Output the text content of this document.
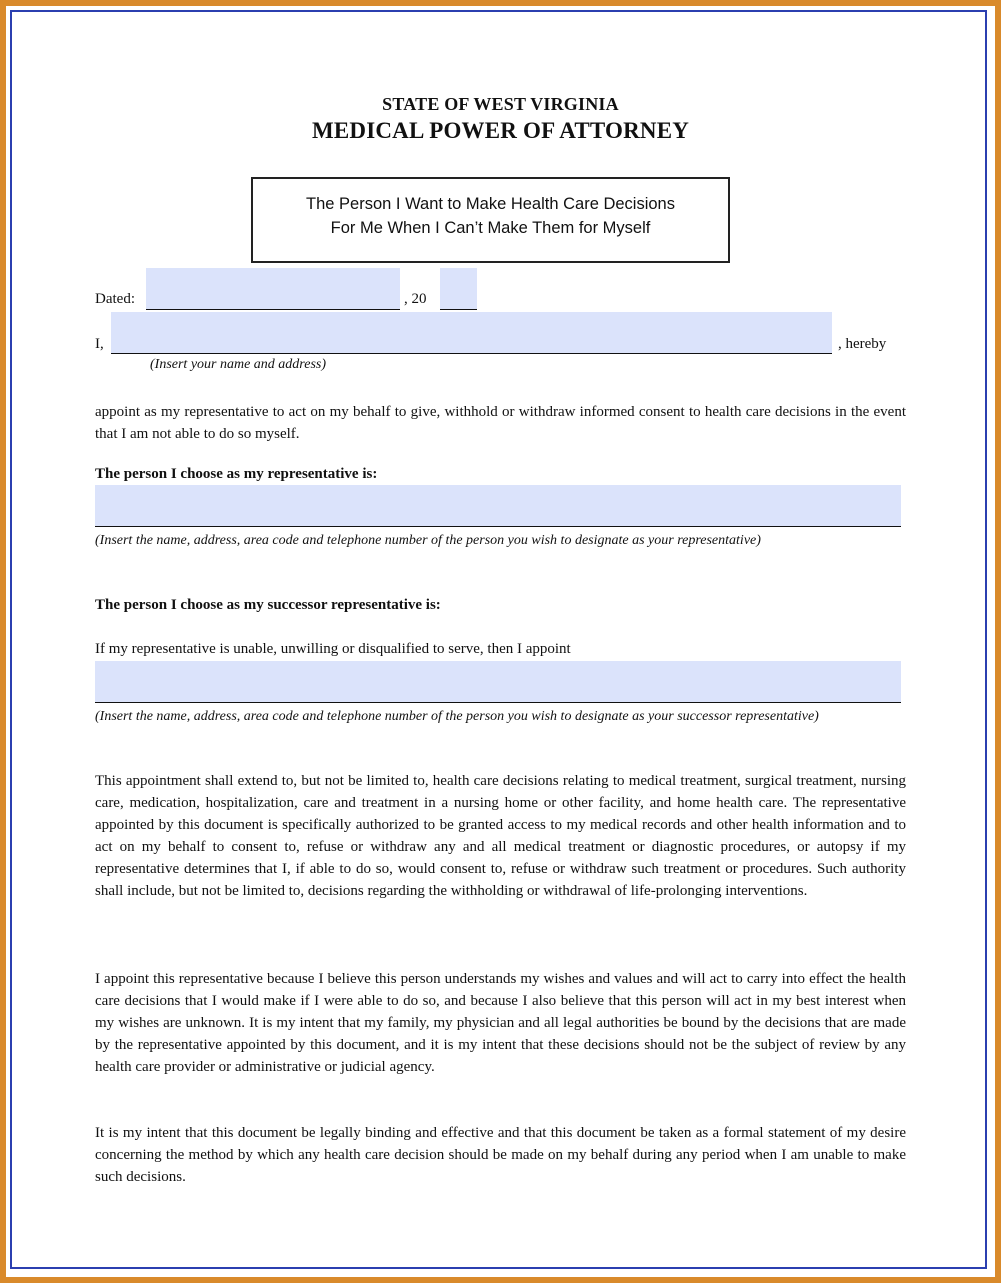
STATE OF WEST VIRGINIA
MEDICAL POWER OF ATTORNEY
The Person I Want to Make Health Care Decisions
For Me When I Can’t Make Them for Myself
Dated:	, 20
I,	, hereby
(Insert your name and address)
appoint as my representative to act on my behalf to give, withhold or withdraw informed consent to health care decisions in the event that I am not able to do so myself.
The person I choose as my representative is:
(Insert the name, address, area code and telephone number of the person you wish to designate as your representative)
The person I choose as my successor representative is:
If my representative is unable, unwilling or disqualified to serve, then I appoint
(Insert the name, address, area code and telephone number of the person you wish to designate as your successor representative)
This appointment shall extend to, but not be limited to, health care decisions relating to medical treatment, surgical treatment, nursing care, medication, hospitalization, care and treatment in a nursing home or other facility, and home health care. The representative appointed by this document is specifically authorized to be granted access to my medical records and other health information and to act on my behalf to consent to, refuse or withdraw any and all medical treatment or diagnostic procedures, or autopsy if my representative determines that I, if able to do so, would consent to, refuse or withdraw such treatment or procedures. Such authority shall include, but not be limited to, decisions regarding the withholding or withdrawal of life-prolonging interventions.
I appoint this representative because I believe this person understands my wishes and values and will act to carry into effect the health care decisions that I would make if I were able to do so, and because I also believe that this person will act in my best interest when my wishes are unknown. It is my intent that my family, my physician and all legal authorities be bound by the decisions that are made by the representative appointed by this document, and it is my intent that these decisions should not be the subject of review by any health care provider or administrative or judicial agency.
It is my intent that this document be legally binding and effective and that this document be taken as a formal statement of my desire concerning the method by which any health care decision should be made on my behalf during any period when I am unable to make such decisions.
